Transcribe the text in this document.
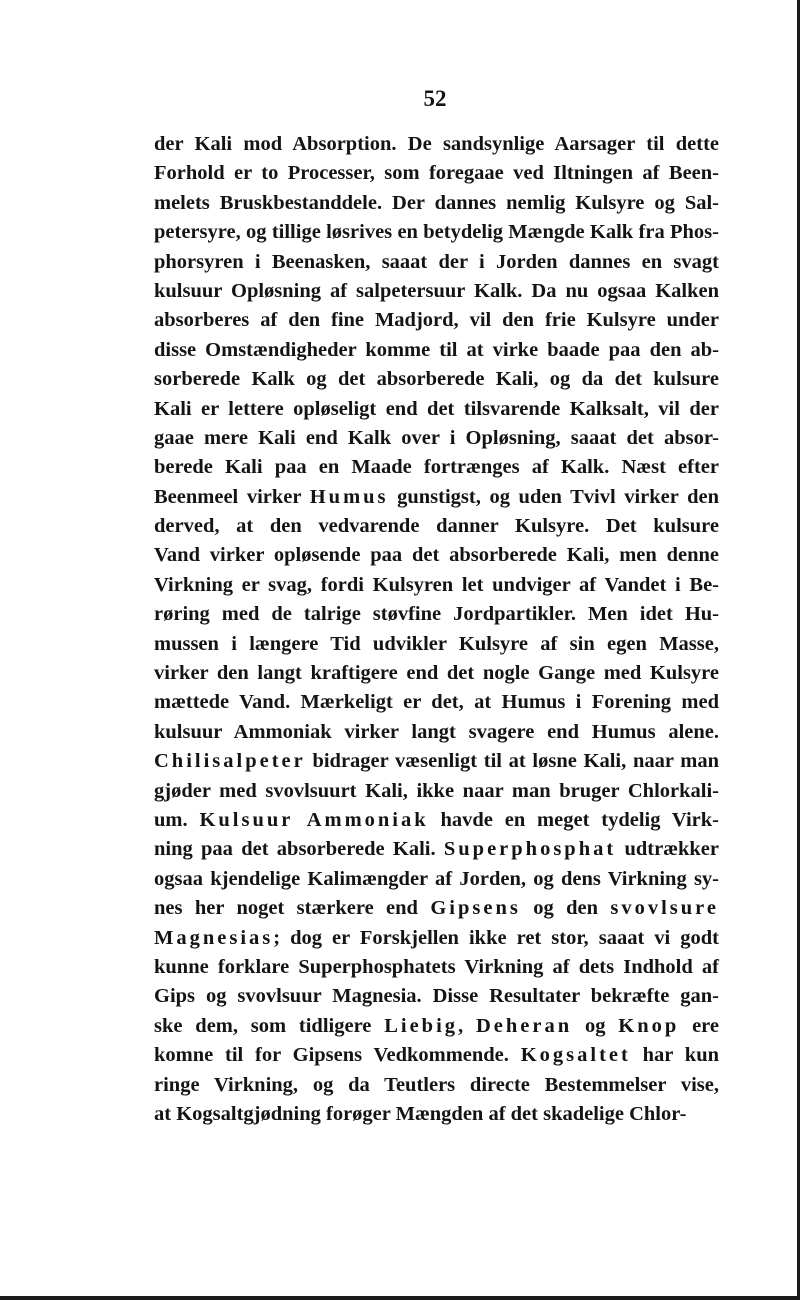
52
der Kali mod Absorption. De sandsynlige Aarsager til dette
Forhold er to Processer, som foregaae ved Iltningen af Been-
melets Bruskbestanddele. Der dannes nemlig Kulsyre og Sal-
petersyre, og tillige løsrives en betydelig Mængde Kalk fra Phos-
phorsyren i Beenasken, saaat der i Jorden dannes en svagt
kulsuur Opløsning af salpetersuur Kalk. Da nu ogsaa Kalken
absorberes af den fine Madjord, vil den frie Kulsyre under
disse Omstændigheder komme til at virke baade paa den ab-
sorberede Kalk og det absorberede Kali, og da det kulsure
Kali er lettere opløseligt end det tilsvarende Kalksalt, vil der
gaae mere Kali end Kalk over i Opløsning, saaat det absor-
berede Kali paa en Maade fortrænges af Kalk. Næst efter
Beenmeel virker Humus gunstigst, og uden Tvivl virker den
derved, at den vedvarende danner Kulsyre. Det kulsure
Vand virker opløsende paa det absorberede Kali, men denne
Virkning er svag, fordi Kulsyren let undviger af Vandet i Be-
røring med de talrige støvfine Jordpartikler. Men idet Hu-
mussen i længere Tid udvikler Kulsyre af sin egen Masse,
virker den langt kraftigere end det nogle Gange med Kulsyre
mættede Vand. Mærkeligt er det, at Humus i Forening med
kulsuur Ammoniak virker langt svagere end Humus alene.
Chilisalpeter bidrager væsenligt til at løsne Kali, naar man
gjøder med svovlsuurt Kali, ikke naar man bruger Chlorkali-
um. Kulsuur Ammoniak havde en meget tydelig Virk-
ning paa det absorberede Kali. Superphosphat udtrækker
ogsaa kjendelige Kalimængder af Jorden, og dens Virkning sy-
nes her noget stærkere end Gipsens og den svovlsure
Magnesias; dog er Forskjellen ikke ret stor, saaat vi godt
kunne forklare Superphosphatets Virkning af dets Indhold af
Gips og svovlsuur Magnesia. Disse Resultater bekræfte gan-
ske dem, som tidligere Liebig, Deheran og Knop ere
komne til for Gipsens Vedkommende. Kogsaltet har kun
ringe Virkning, og da Teutlers directe Bestemmelser vise,
at Kogsaltgjødning forøger Mængden af det skadelige Chlor-
